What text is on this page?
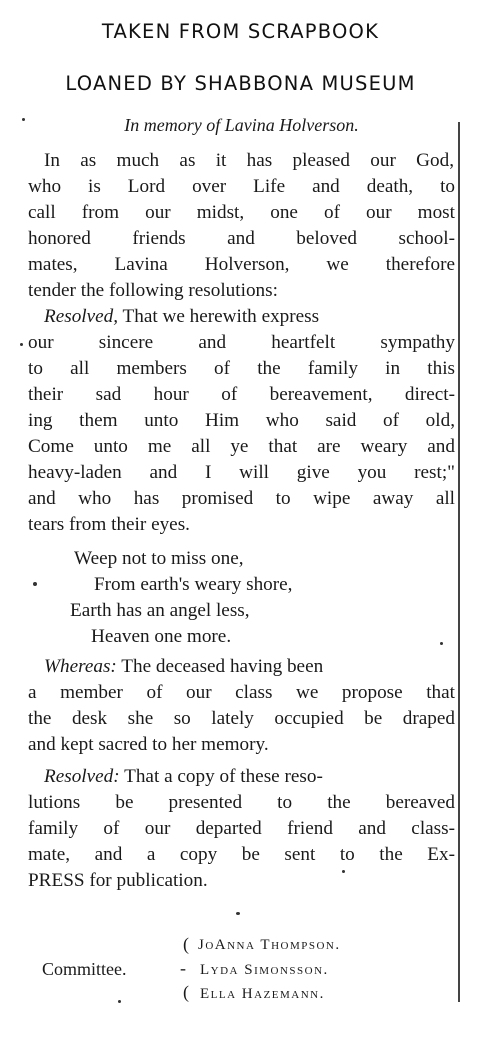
TAKEN FROM SCRAPBOOK
LOANED BY SHABBONA MUSEUM
In memory of Lavina Holverson.
In as much as it has pleased our God,
who is Lord over Life and death, to
call from our midst, one of our most
honored friends and beloved school-
mates, Lavina Holverson, we therefore
tender the following resolutions:
Resolved, That we herewith express
our sincere and heartfelt sympathy
to all members of the family in this
their sad hour of bereavement, direct-
ing them unto Him who said of old,
Come unto me all ye that are weary and
heavy-laden and I will give you rest;"
and who has promised to wipe away all
tears from their eyes.
Weep not to miss one,
From earth's weary shore,
Earth has an angel less,
Heaven one more.
Whereas: The deceased having been
a member of our class we propose that
the desk she so lately occupied be draped
and kept sacred to her memory.
Resolved: That a copy of these reso-
lutions be presented to the bereaved
family of our departed friend and class-
mate, and a copy be sent to the Ex-
PRESS for publication.
Committee.
(
-
(
JoAnna Thompson.
Lyda Simonsson.
Ella Hazemann.
